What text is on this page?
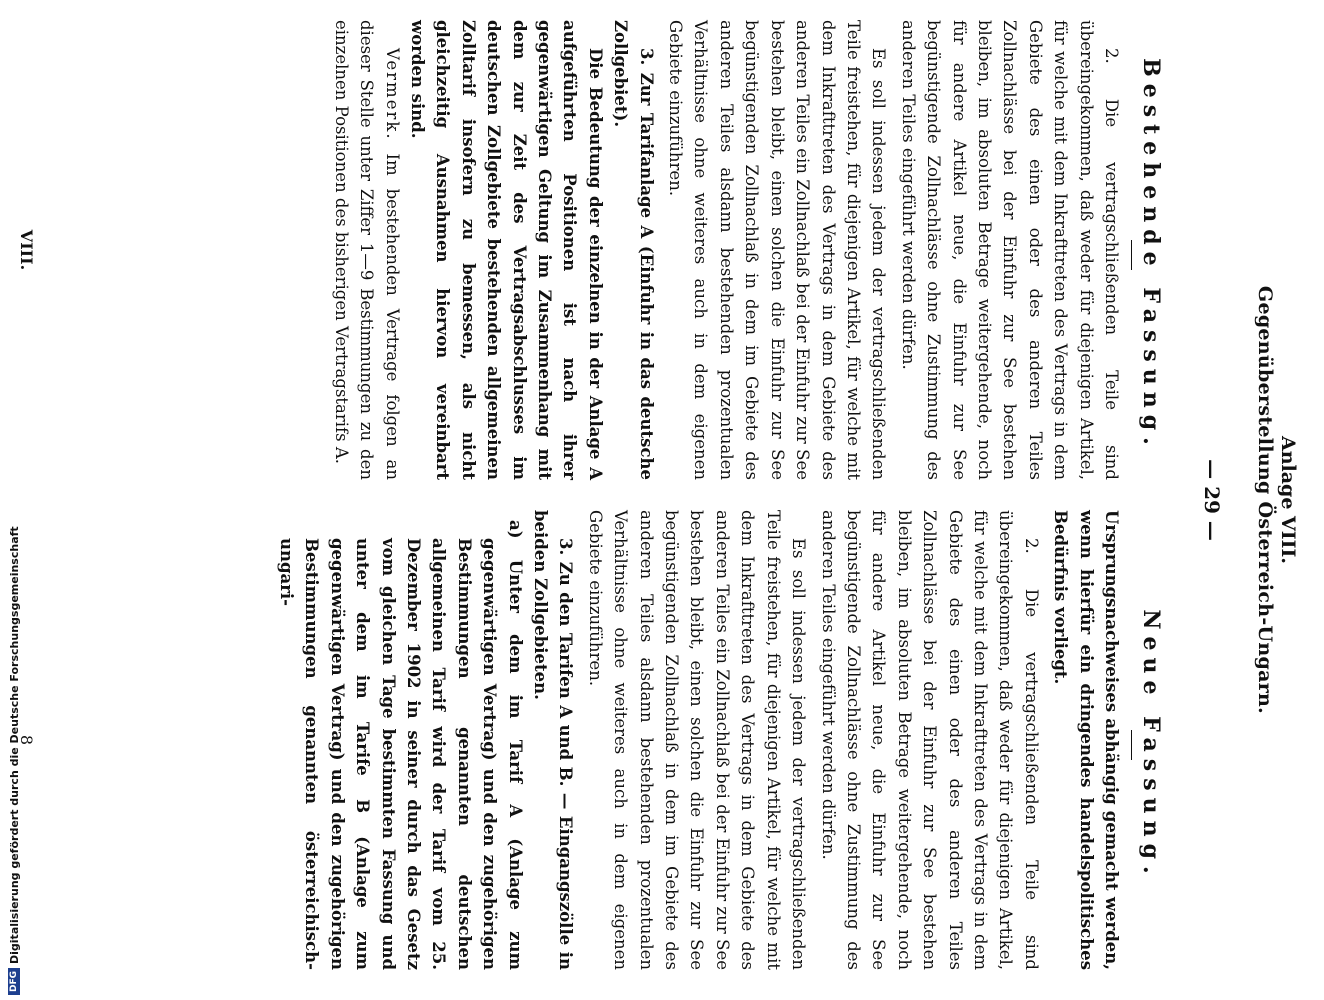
Anlage VIII.
Gegenüberstellung Österreich-Ungarn.
— 29 —
Bestehende Fassung.
Neue Fassung.

2. Die vertragschließenden Teile sind übereingekommen, daß weder für diejenigen Artikel, für welche mit dem Inkrafttreten des Vertrags in dem Gebiete des einen oder des anderen Teiles Zollnachlässe bei der Einfuhr zur See bestehen bleiben, im absoluten Betrage weitergehende, noch für andere Artikel neue, die Einfuhr zur See begünstigende Zollnachlässe ohne Zustimmung des anderen Teiles eingeführt werden dürfen.

Es soll indessen jedem der vertragschließenden Teile freistehen, für diejenigen Artikel, für welche mit dem Inkrafttreten des Vertrags in dem Gebiete des anderen Teiles ein Zollnachlaß bei der Einfuhr zur See bestehen bleibt, einen solchen die Einfuhr zur See begünstigenden Zollnachlaß in dem im Gebiete des anderen Teiles alsdann bestehenden prozentualen Verhältnisse ohne weiteres auch in dem eigenen Gebiete einzuführen.

3. Zur Tarifanlage A (Einfuhr in das deutsche Zollgebiet).

Die Bedeutung der einzelnen in der Anlage A aufgeführten Positionen ist nach ihrer gegenwärtigen Geltung im Zusammenhang mit dem zur Zeit des Vertragsabschlusses im deutschen Zollgebiete bestehenden allgemeinen Zolltarif insofern zu bemessen, als nicht gleichzeitig Ausnahmen hiervon vereinbart worden sind.

Vermerk. Im bestehenden Vertrage folgen an dieser Stelle unter Ziffer 1—9 Bestimmungen zu den einzelnen Positionen des bisherigen Vertragstarifs A.

Ursprungsnachweises abhängig gemacht werden, wenn hierfür ein dringendes handelspolitisches Bedürfnis vorliegt.

2. Die vertragschließenden Teile sind übereingekommen, daß weder für diejenigen Artikel, für welche mit dem Inkrafttreten des Vertrags in dem Gebiete des einen oder des anderen Teiles Zollnachlässe bei der Einfuhr zur See bestehen bleiben, im absoluten Betrage weitergehende, noch für andere Artikel neue, die Einfuhr zur See begünstigende Zollnachlässe ohne Zustimmung des anderen Teiles eingeführt werden dürfen.

Es soll indessen jedem der vertragschließenden Teile freistehen, für diejenigen Artikel, für welche mit dem Inkrafttreten des Vertrags in dem Gebiete des anderen Teiles ein Zollnachlaß bei der Einfuhr zur See bestehen bleibt, einen solchen die Einfuhr zur See begünstigenden Zollnachlaß in dem im Gebiete des anderen Teiles alsdann bestehenden prozentualen Verhältnisse ohne weiteres auch in dem eigenen Gebiete einzuführen.

3. Zu den Tarifen A und B. — Eingangszölle in beiden Zollgebieten.

a) Unter dem im Tarif A (Anlage zum gegenwärtigen Vertrag) und den zugehörigen Bestimmungen genannten deutschen allgemeinen Tarif wird der Tarif vom 25. Dezember 1902 in seiner durch das Gesetz vom gleichen Tage bestimmten Fassung und unter dem im Tarife B (Anlage zum gegenwärtigen Vertrag) und den zugehörigen Bestimmungen genannten österreichisch-ungari-

VIII.
8
DFG
Digitalisierung gefördert durch die Deutsche Forschungsgemeinschaft
